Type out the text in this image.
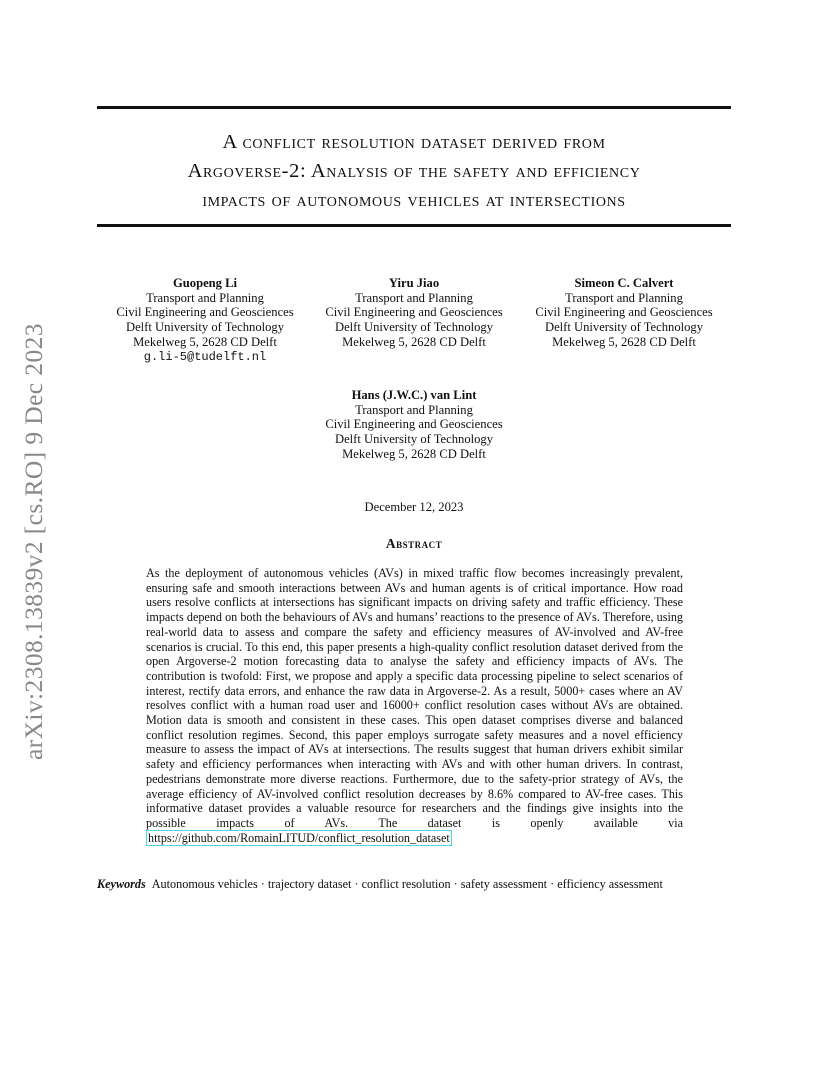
arXiv:2308.13839v2 [cs.RO] 9 Dec 2023
A conflict resolution dataset derived from
Argoverse-2: Analysis of the safety and efficiency
impacts of autonomous vehicles at intersections
Guopeng Li
Transport and Planning
Civil Engineering and Geosciences
Delft University of Technology
Mekelweg 5, 2628 CD Delft
g.li-5@tudelft.nl
Yiru Jiao
Transport and Planning
Civil Engineering and Geosciences
Delft University of Technology
Mekelweg 5, 2628 CD Delft
Simeon C. Calvert
Transport and Planning
Civil Engineering and Geosciences
Delft University of Technology
Mekelweg 5, 2628 CD Delft
Hans (J.W.C.) van Lint
Transport and Planning
Civil Engineering and Geosciences
Delft University of Technology
Mekelweg 5, 2628 CD Delft
December 12, 2023
Abstract
As the deployment of autonomous vehicles (AVs) in mixed traffic flow becomes increasingly prevalent, ensuring safe and smooth interactions between AVs and human agents is of critical importance. How road users resolve conflicts at intersections has significant impacts on driving safety and traffic efficiency. These impacts depend on both the behaviours of AVs and humans’ reactions to the presence of AVs. Therefore, using real-world data to assess and compare the safety and efficiency measures of AV-involved and AV-free scenarios is crucial. To this end, this paper presents a high-quality conflict resolution dataset derived from the open Argoverse-2 motion forecasting data to analyse the safety and efficiency impacts of AVs. The contribution is twofold: First, we propose and apply a specific data processing pipeline to select scenarios of interest, rectify data errors, and enhance the raw data in Argoverse-2. As a result, 5000+ cases where an AV resolves conflict with a human road user and 16000+ conflict resolution cases without AVs are obtained. Motion data is smooth and consistent in these cases. This open dataset comprises diverse and balanced conflict resolution regimes. Second, this paper employs surrogate safety measures and a novel efficiency measure to assess the impact of AVs at intersections. The results suggest that human drivers exhibit similar safety and efficiency performances when interacting with AVs and with other human drivers. In contrast, pedestrians demonstrate more diverse reactions. Furthermore, due to the safety-prior strategy of AVs, the average efficiency of AV-involved conflict resolution decreases by 8.6% compared to AV-free cases. This informative dataset provides a valuable resource for researchers and the findings give insights into the possible impacts of AVs. The dataset is openly available via https://github.com/RomainLITUD/conflict_resolution_dataset
Keywords Autonomous vehicles · trajectory dataset · conflict resolution · safety assessment · efficiency assessment
